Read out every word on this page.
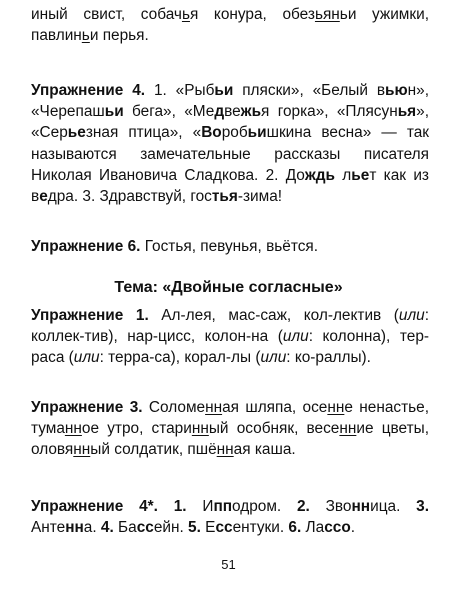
иный свист, собачья конура, обезьяньи ужимки, павлиньи перья.

Упражнение 4. 1. «Рыбьи пляски», «Белый вьюн», «Черепашьи бега», «Медвежья горка», «Плясунья», «Серьезная птица», «Воробьишкина весна» — так называются замечательные рассказы писателя Николая Ивановича Сладкова. 2. Дождь льет как из ведра. 3. Здравствуй, гостья-зима!

Упражнение 6. Гостья, певунья, вьётся.

Тема: «Двойные согласные»

Упражнение 1. Ал-лея, мас-саж, кол-лектив (или: коллек-тив), нар-цисс, колон-на (или: колонна), тер-раса (или: терра-са), корал-лы (или: ко-раллы).

Упражнение 3. Соломенная шляпа, осенне ненастье, туманное утро, старинный особняк, весенние цветы, оловянный солдатик, пшённая каша.

Упражнение 4*. 1. Ипподром. 2. Звонница. 3. Антенна. 4. Бассейн. 5. Ессентуки. 6. Лассо.

51
